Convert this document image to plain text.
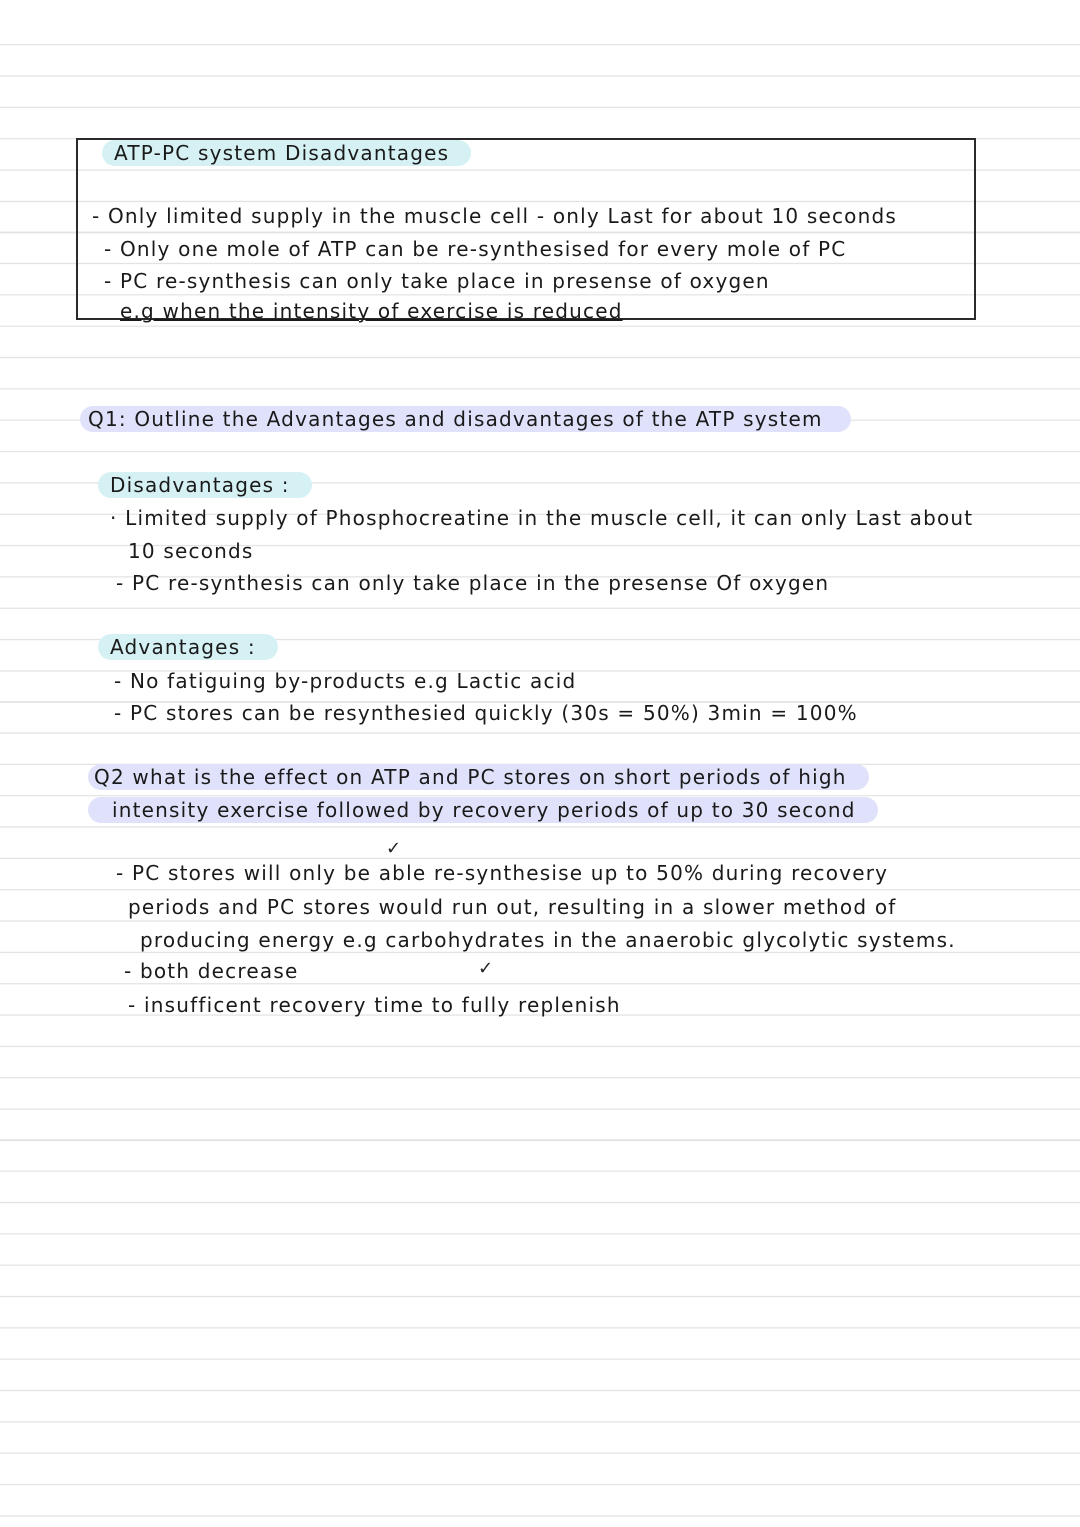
ATP-PC system Disadvantages
- Only limited supply in the muscle cell - only Last for about 10 seconds
- Only one mole of ATP can be re-synthesised for every mole of PC
- PC re-synthesis can only take place in presense of oxygen
e.g when the intensity of exercise is reduced
Q1: Outline the Advantages and disadvantages of the ATP system
Disadvantages :
· Limited supply of Phosphocreatine in the muscle cell, it can only Last about
10 seconds
- PC re-synthesis can only take place in the presense Of oxygen
Advantages :
- No fatiguing by-products e.g Lactic acid
- PC stores can be resynthesied quickly (30s = 50%) 3min = 100%
Q2 what is the effect on ATP and PC stores on short periods of high
intensity exercise followed by recovery periods of up to 30 second
✓
- PC stores will only be able re-synthesise up to 50% during recovery
periods and PC stores would run out, resulting in a slower method of
producing energy e.g carbohydrates in the anaerobic glycolytic systems.
- both decrease	✓
- insufficent recovery time to fully replenish
